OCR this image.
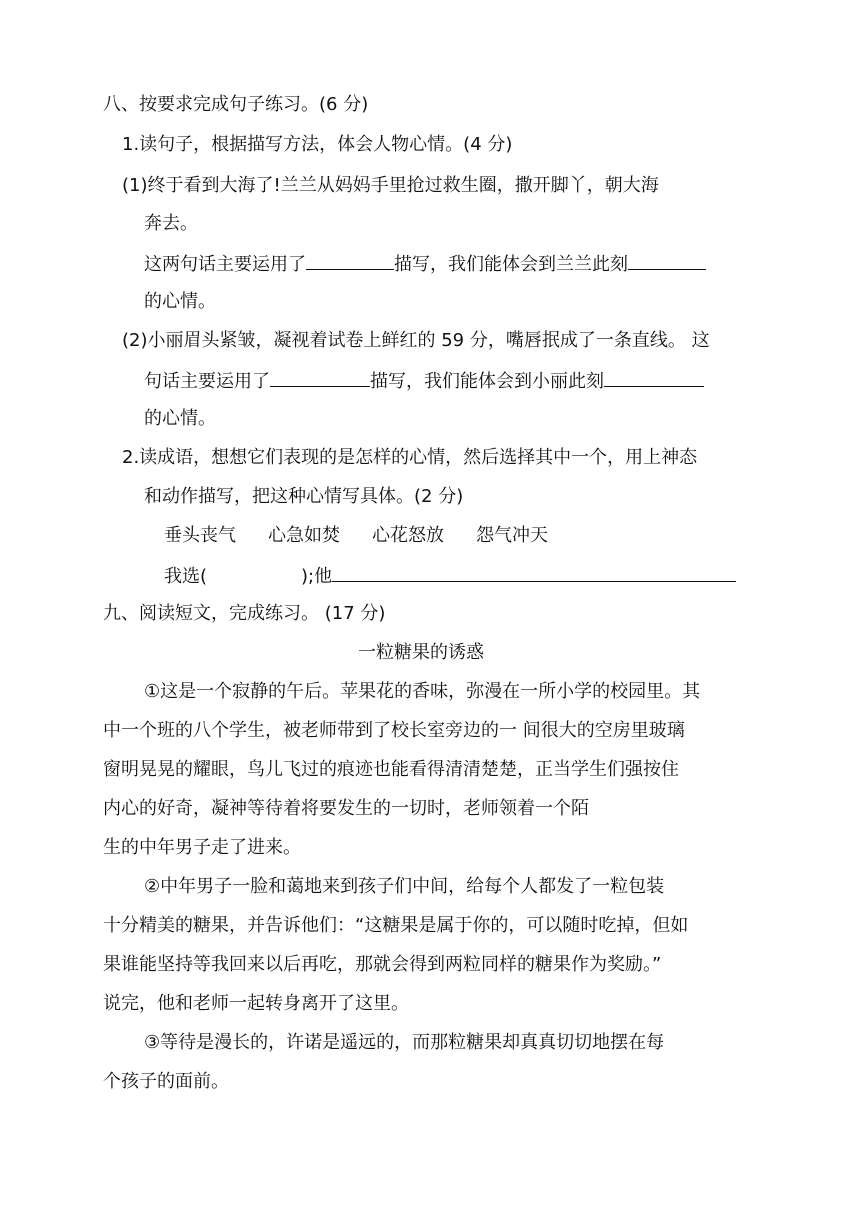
八、按要求完成句子练习。(6 分)
1.读句子，根据描写方法，体会人物心情。(4 分)
(1)终于看到大海了!兰兰从妈妈手里抢过救生圈，撒开脚丫，朝大海
奔去。
这两句话主要运用了	描写，我们能体会到兰兰此刻
的心情。
(2)小丽眉头紧皱，凝视着试卷上鲜红的 59 分，嘴唇抿成了一条直线。 这
句话主要运用了	描写，我们能体会到小丽此刻
的心情。
2.读成语，想想它们表现的是怎样的心情，然后选择其中一个，用上神态
和动作描写，把这种心情写具体。(2 分)
垂头丧气 心急如焚 心花怒放 怨气冲天
我选(	);他
九、阅读短文，完成练习。 (17 分)
一粒糖果的诱惑
①这是一个寂静的午后。苹果花的香味，弥漫在一所小学的校园里。其
中一个班的八个学生，被老师带到了校长室旁边的一 间很大的空房里玻璃
窗明晃晃的耀眼，鸟儿飞过的痕迹也能看得清清楚楚，正当学生们强按住
内心的好奇，凝神等待着将要发生的一切时，老师领着一个陌
生的中年男子走了进来。
②中年男子一脸和蔼地来到孩子们中间，给每个人都发了一粒包装
十分精美的糖果，并告诉他们：“这糖果是属于你的，可以随时吃掉，但如
果谁能坚持等我回来以后再吃，那就会得到两粒同样的糖果作为奖励。”
说完，他和老师一起转身离开了这里。
③等待是漫长的，许诺是遥远的，而那粒糖果却真真切切地摆在每
个孩子的面前。
